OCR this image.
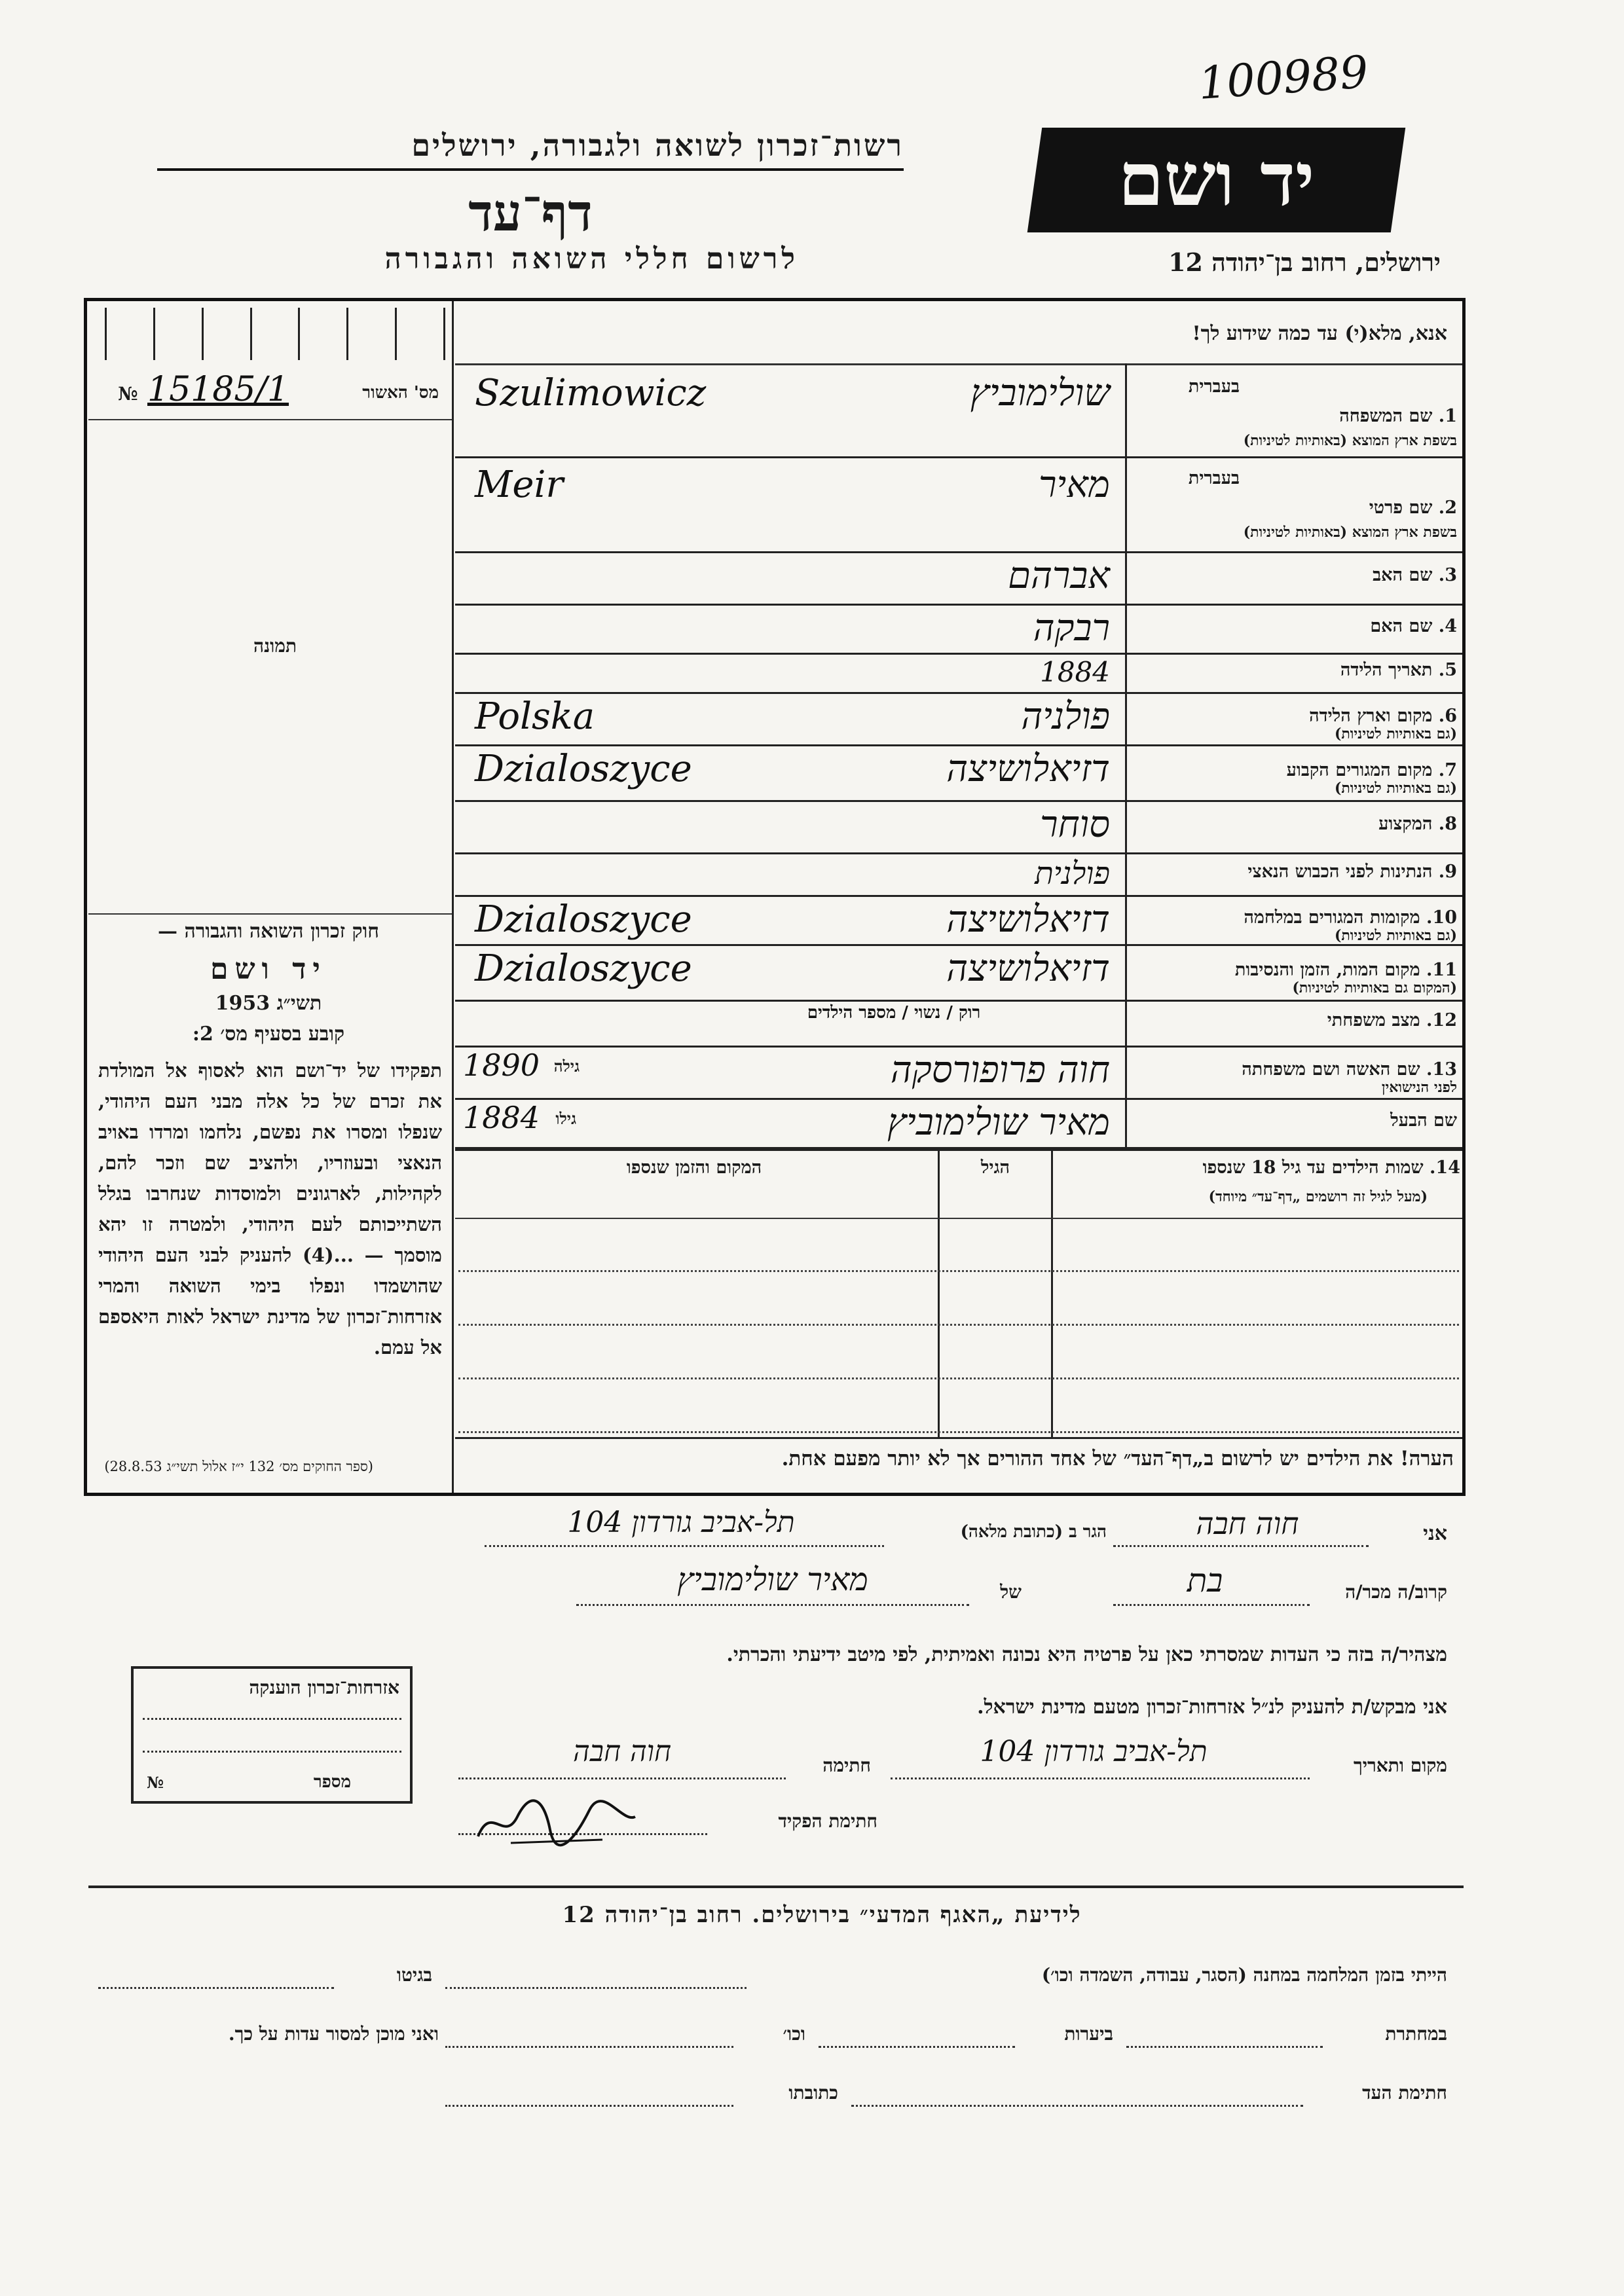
100989
רשות־זכרון לשואה ולגבורה, ירושלים
דף־עד
לרשום חללי השואה והגבורה
יד ושם
ירושלים, רחוב בן־יהודה 12
מס' האשור
15185/1
№
תמונה
חוק זכרון השואה והגבורה —
יד ושם
תשי״ג 1953
קובע בסעיף מס׳ 2:
תפקידו של יד־ושם הוא לאסוף אל המולדת את זכרם של כל אלה מבני העם היהודי, שנפלו ומסרו את נפשם, נלחמו ומרדו באויב הנאצי ובעוזריו, ולהציב שם וזכר להם, לקהילות, לארגונים ולמוסדות שנחרבו בגלל השתייכותם לעם היהודי, ולמטרה זו יהא מוסמך — ...(4) להעניק לבני העם היהודי שהושמדו ונפלו בימי השואה והמרי אזרחות־זכרון של מדינת ישראל לאות היאספם אל עמם.
(ספר החוקים מס׳ 132 י״ז אלול תשי״ג 28.8.53)
אנא, מלא(י) עד כמה שידוע לך!
1. שם המשפחה
בשפת ארץ המוצא (באותיות לטיניות)
בעברית
Szulimowicz	שולימוביץ
2. שם פרטי
בשפת ארץ המוצא (באותיות לטיניות)
בעברית
Meir	מאיר
3. שם האב
אברהם
4. שם האם
רבקה
5. תאריך הלידה
1884
6. מקום וארץ הלידה
(גם באותיות לטיניות)
Polska	פולניה
7. מקום המגורים הקבוע
(גם באותיות לטיניות)
Dzialoszyce	דזיאלושיצה
8. המקצוע
סוחר
9. הנתינות לפני הכבוש הנאצי
פולנית
10. מקומות המגורים במלחמה
(גם באותיות לטיניות)
Dzialoszyce	דזיאלושיצה
11. מקום המות, הזמן והנסיבות
(המקום גם באותיות לטיניות)
Dzialoszyce	דזיאלושיצה
12. מצב משפחתי
רוק / נשוי / מספר הילדים
13. שם האשה ושם משפחתה
לפני הנישואין
חוה פרופורסקה
גילה
1890
שם הבעל
מאיר שולימוביץ
גילו
1884
14. שמות הילדים עד גיל 18 שנספו
(מעל לגיל זה רושמים „דף־עד״ מיוחד)
הגיל
המקום והזמן שנספו
הערה! את הילדים יש לרשום ב„דף־העד״ של אחד ההורים אך לא יותר מפעם אחת.
אני
חוה חבה
הגר ב (כתובת מלאה)
תל-אביב גורדון 104
קרוב/ה מכר/ה
בת
של
מאיר שולימוביץ
מצהיר/ה בזה כי העדות שמסרתי כאן על פרטיה היא נכונה ואמיתית, לפי מיטב ידיעתי והכרתי.
אני מבקש/ת להעניק לנ״ל אזרחות־זכרון מטעם מדינת ישראל.
מקום ותאריך
תל-אביב גורדון 104
חתימה
חוה חבה
חתימת הפקיד
אזרחות־זכרון הוענקה
מספר
№
לידיעת „האגף המדעי״ בירושלים. רחוב בן־יהודה 12
הייתי בזמן המלחמה במחנה (הסגר, עבודה, השמדה וכו׳)
בגיטו
במחתרת
ביערות
וכו׳
ואני מוכן למסור עדות על כך.
חתימת העד
כתובתו
